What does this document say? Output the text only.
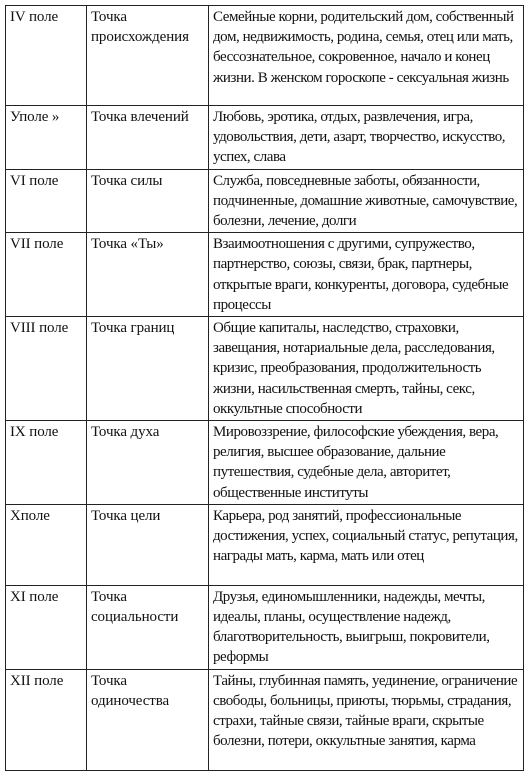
IV поле	Точка происхождения	Семейные корни, родительский дом, собственный дом, недвижимость, родина, семья, отец или мать, бессознательное, сокровенное, начало и конец жизни. В женском гороскопе - сексуальная жизнь
Уполе »	Точка влечений	Любовь, эротика, отдых, развлечения, игра, удовольствия, дети, азарт, творчество, искусство, успех, слава
VI поле	Точка силы	Служба, повседневные заботы, обязанности, подчиненные, домашние животные, самочувствие, болезни, лечение, долги
VII поле	Точка «Ты»	Взаимоотношения с другими, супружество, партнерство, союзы, связи, брак, партнеры, открытые враги, конкуренты, договора, судебные процессы
VIII поле	Точка границ	Общие капиталы, наследство, страховки, завещания, нотариальные дела, расследования, кризис, преобразования, продолжительность жизни, насильственная смерть, тайны, секс, оккультные способности
IX поле	Точка духа	Мировоззрение, философские убеждения, вера, религия, высшее образование, дальние путешествия, судебные дела, авторитет, общественные институты
Хполе	Точка цели	Карьера, род занятий, профессиональные достижения, успех, социальный статус, репутация, награды мать, карма, мать или отец
XI поле	Точка социальности	Друзья, единомышленники, надежды, мечты, идеалы, планы, осуществление надежд, благотворительность, выигрыш, покровители, реформы
XII поле	Точка одиночества	Тайны, глубинная память, уединение, ограничение свободы, больницы, приюты, тюрьмы, страдания, страхи, тайные связи, тайные враги, скрытые болезни, потери, оккультные занятия, карма
